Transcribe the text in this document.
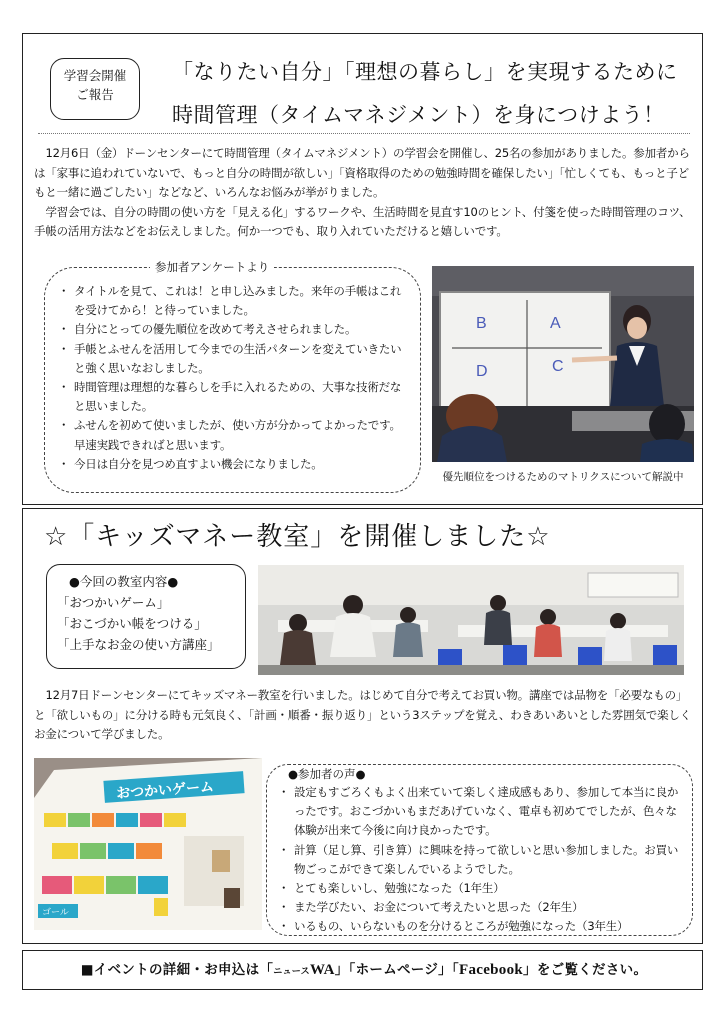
学習会開催
ご報告
「なりたい自分」「理想の暮らし」を実現するために
時間管理（タイムマネジメント）を身につけよう！

12月6日（金）ドーンセンターにて時間管理（タイムマネジメント）の学習会を開催し、25名の参加がありました。参加者からは「家事に追われていないで、もっと自分の時間が欲しい」「資格取得のための勉強時間を確保したい」「忙しくても、もっと子どもと一緒に過ごしたい」などなど、いろんなお悩みが挙がりました。

学習会では、自分の時間の使い方を「見える化」するワークや、生活時間を見直す10のヒント、付箋を使った時間管理のコツ、手帳の活用方法などをお伝えしました。何か一つでも、取り入れていただけると嬉しいです。

参加者アンケートより
・ タイトルを見て、これは！と申し込みました。来年の手帳はこれを受けてから！と待っていました。
・ 自分にとっての優先順位を改めて考えさせられました。
・ 手帳とふせんを活用して今までの生活パターンを変えていきたいと強く思いなおしました。
・ 時間管理は理想的な暮らしを手に入れるための、大事な技術だなと思いました。
・ ふせんを初めて使いましたが、使い方が分かってよかったです。早速実践できればと思います。
・ 今日は自分を見つめ直すよい機会になりました。
B	A
D	C
優先順位をつけるためのマトリクスについて解説中
☆「キッズマネー教室」を開催しました☆
●今回の教室内容●
「おつかいゲーム」
「おこづかい帳をつける」
「上手なお金の使い方講座」

12月7日ドーンセンターにてキッズマネー教室を行いました。はじめて自分で考えてお買い物。講座では品物を「必要なもの」と「欲しいもの」に分ける時も元気良く、「計画・順番・振り返り」という3ステップを覚え、わきあいあいとした雰囲気で楽しくお金について学びました。

おつかいゲーム
ゴール
●参加者の声●
・ 設定もすごろくもよく出来ていて楽しく達成感もあり、参加して本当に良かったです。おこづかいもまだあげていなく、電卓も初めてでしたが、色々な体験が出来て今後に向け良かったです。
・ 計算（足し算、引き算）に興味を持って欲しいと思い参加しました。お買い物ごっこができて楽しんでいるようでした。
・ とても楽しいし、勉強になった（1年生）
・ また学びたい、お金について考えたいと思った（2年生）
・ いるもの、いらないものを分けるところが勉強になった（3年生）
■イベントの詳細・お申込は「ニュースWA」「ホームページ」「Facebook」をご覧ください。
